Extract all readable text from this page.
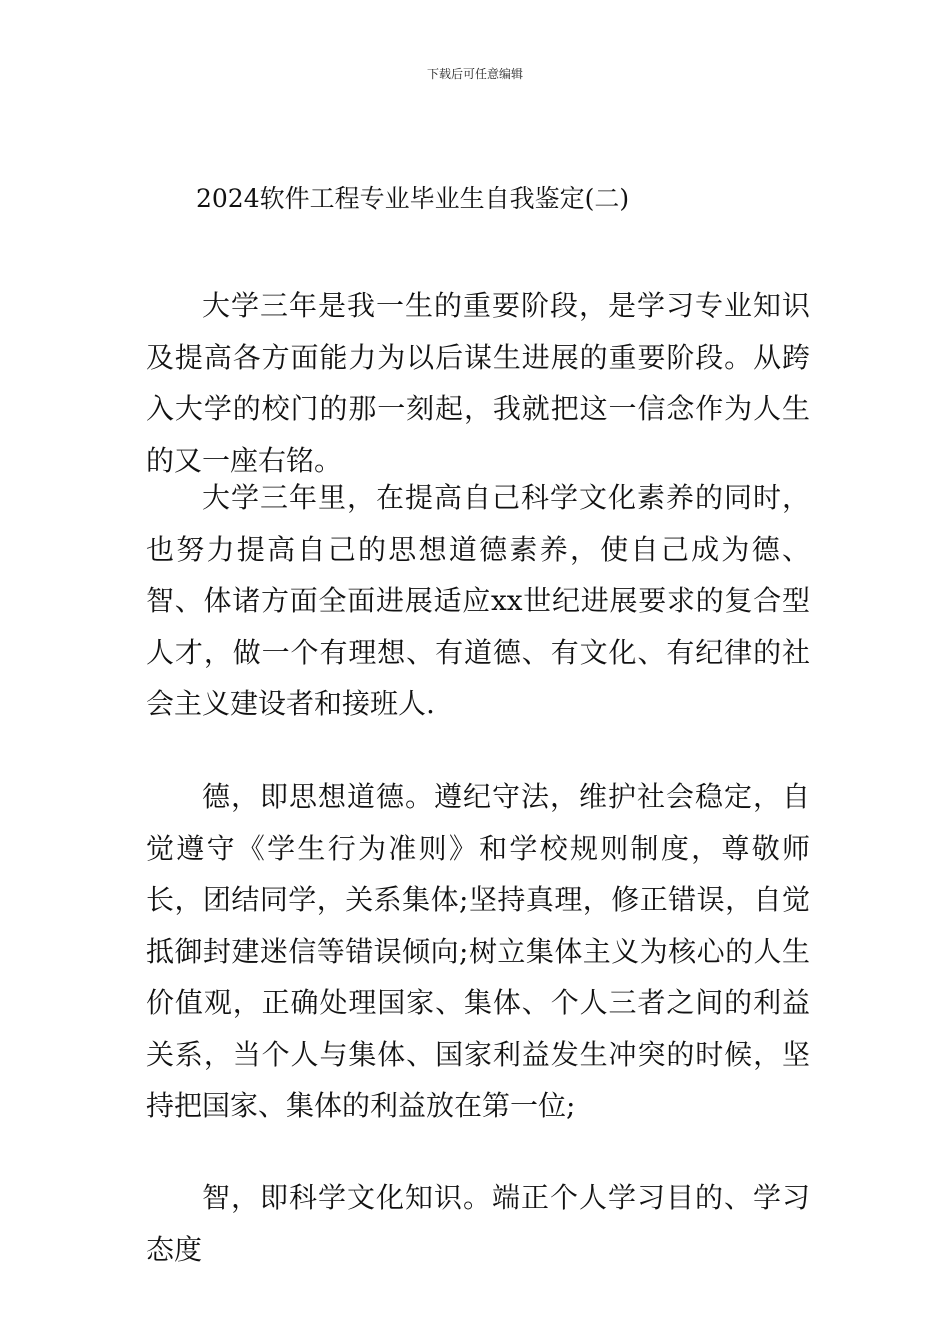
下载后可任意编辑
2024软件工程专业毕业生自我鉴定(二)

大学三年是我一生的重要阶段，是学习专业知识及提高各方面能力为以后谋生进展的重要阶段。从跨入大学的校门的那一刻起，我就把这一信念作为人生的又一座右铭。

大学三年里，在提高自己科学文化素养的同时，也努力提高自己的思想道德素养，使自己成为德、智、体诸方面全面进展适应xx世纪进展要求的复合型人才，做一个有理想、有道德、有文化、有纪律的社会主义建设者和接班人.

德，即思想道德。遵纪守法，维护社会稳定，自觉遵守《学生行为准则》和学校规则制度，尊敬师长，团结同学，关系集体;坚持真理，修正错误，自觉抵御封建迷信等错误倾向;树立集体主义为核心的人生价值观，正确处理国家、集体、个人三者之间的利益关系，当个人与集体、国家利益发生冲突的时候，坚持把国家、集体的利益放在第一位;

智，即科学文化知识。端正个人学习目的、学习态度
